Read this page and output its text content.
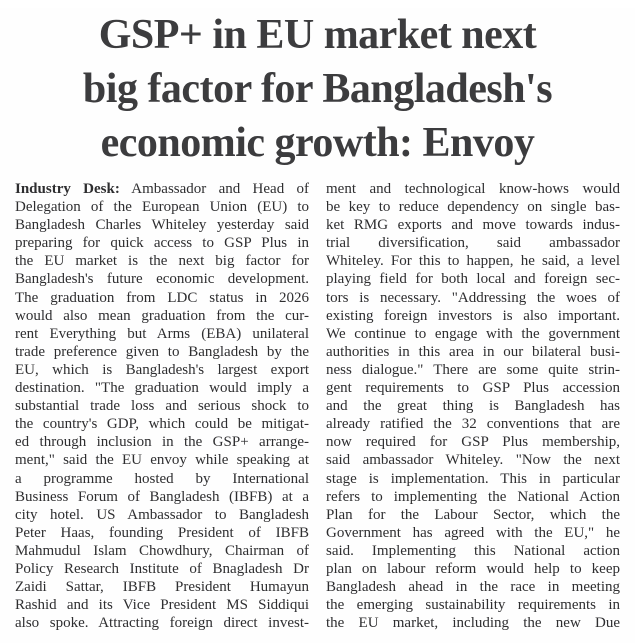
GSP+ in EU market next
big factor for Bangladesh's
economic growth: Envoy
Industry Desk: Ambassador and Head of
Delegation of the European Union (EU) to
Bangladesh Charles Whiteley yesterday said
preparing for quick access to GSP Plus in
the EU market is the next big factor for
Bangladesh's future economic development.
The graduation from LDC status in 2026
would also mean graduation from the cur-
rent Everything but Arms (EBA) unilateral
trade preference given to Bangladesh by the
EU, which is Bangladesh's largest export
destination. "The graduation would imply a
substantial trade loss and serious shock to
the country's GDP, which could be mitigat-
ed through inclusion in the GSP+ arrange-
ment," said the EU envoy while speaking at
a programme hosted by International
Business Forum of Bangladesh (IBFB) at a
city hotel. US Ambassador to Bangladesh
Peter Haas, founding President of IBFB
Mahmudul Islam Chowdhury, Chairman of
Policy Research Institute of Bnagladesh Dr
Zaidi Sattar, IBFB President Humayun
Rashid and its Vice President MS Siddiqui
also spoke. Attracting foreign direct invest-
ment and technological know-hows would
be key to reduce dependency on single bas-
ket RMG exports and move towards indus-
trial diversification, said ambassador
Whiteley. For this to happen, he said, a level
playing field for both local and foreign sec-
tors is necessary. "Addressing the woes of
existing foreign investors is also important.
We continue to engage with the government
authorities in this area in our bilateral busi-
ness dialogue." There are some quite strin-
gent requirements to GSP Plus accession
and the great thing is Bangladesh has
already ratified the 32 conventions that are
now required for GSP Plus membership,
said ambassador Whiteley. "Now the next
stage is implementation. This in particular
refers to implementing the National Action
Plan for the Labour Sector, which the
Government has agreed with the EU," he
said. Implementing this National action
plan on labour reform would help to keep
Bangladesh ahead in the race in meeting
the emerging sustainability requirements in
the EU market, including the new Due
